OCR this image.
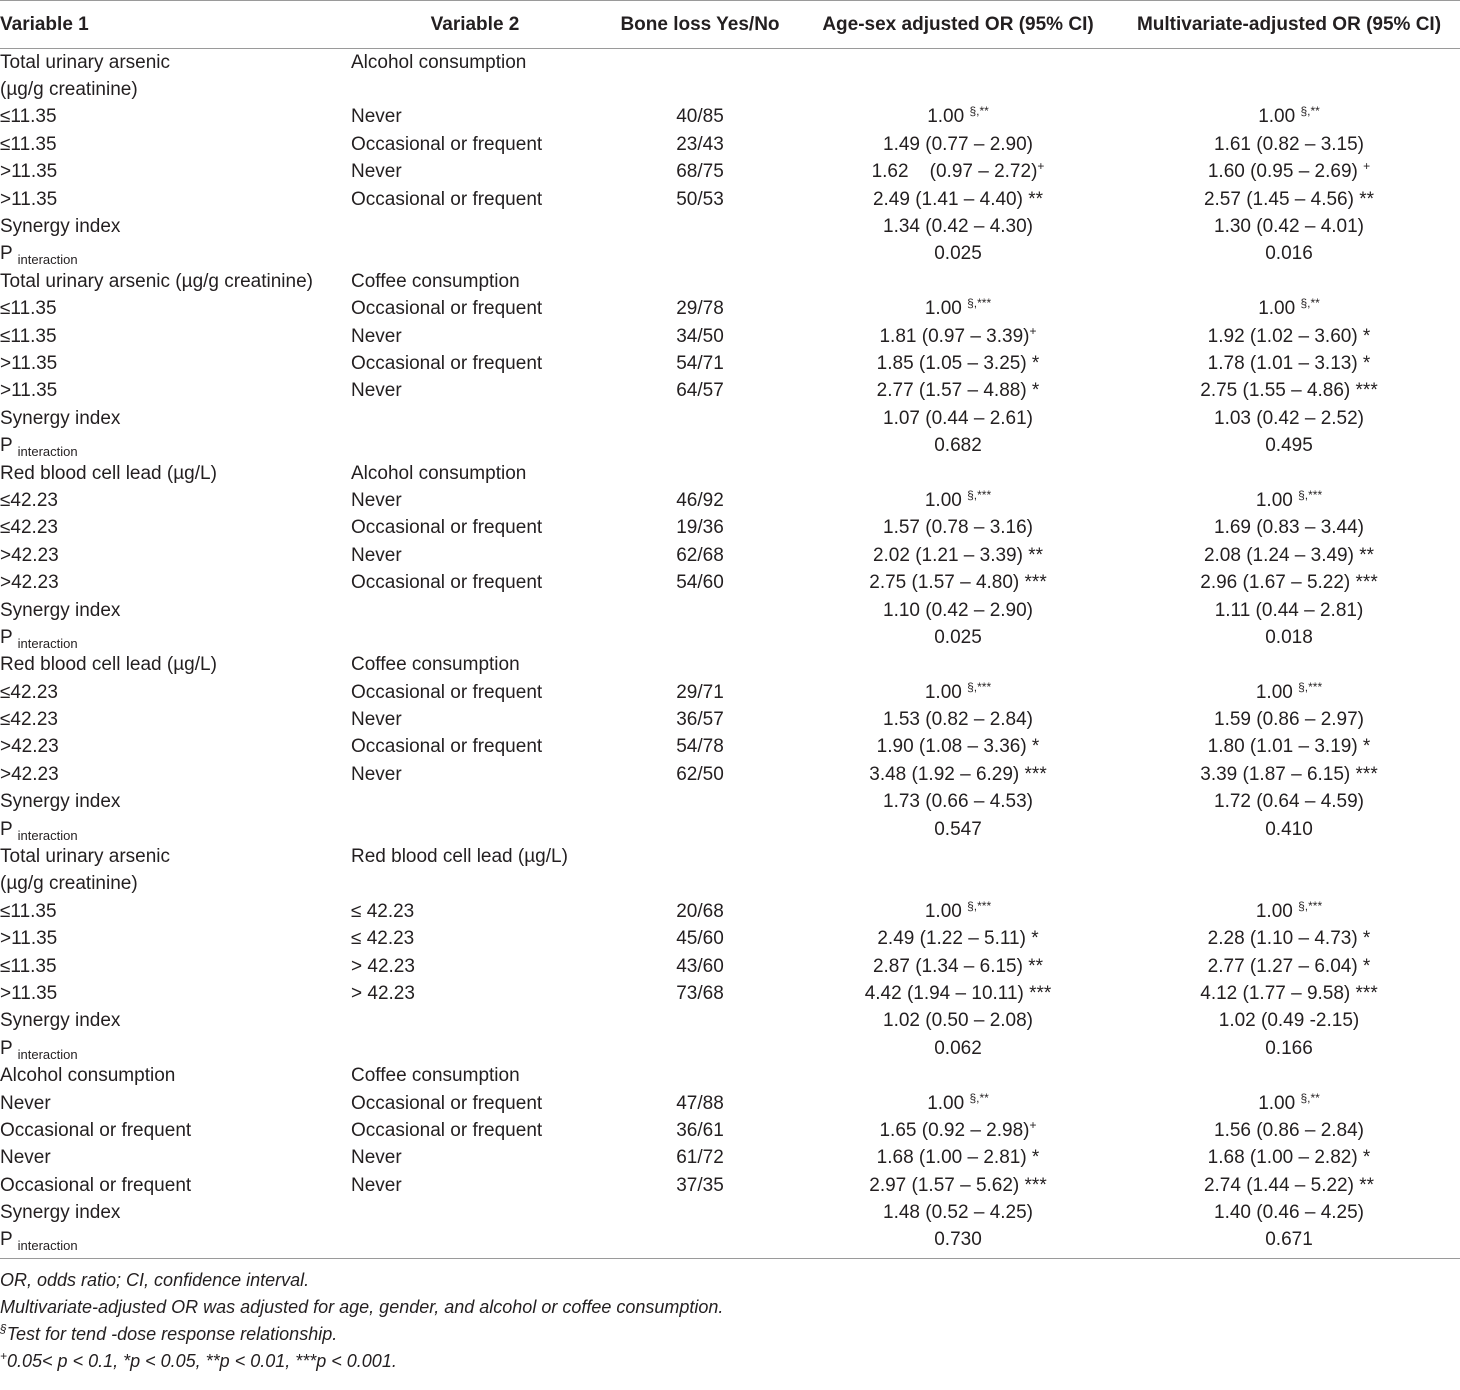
Variable 1	Variable 2	Bone loss Yes/No	Age-sex adjusted OR (95% CI)	Multivariate-adjusted OR (95% CI)
Total urinary arsenic	Alcohol consumption			
(µg/g creatinine)				
≤11.35	Never	40/85	1.00 §,**	1.00 §,**
≤11.35	Occasional or frequent	23/43	1.49 (0.77 – 2.90)	1.61 (0.82 – 3.15)
>11.35	Never	68/75	1.62    (0.97 – 2.72)+	1.60 (0.95 – 2.69) +
>11.35	Occasional or frequent	50/53	2.49 (1.41 – 4.40) **	2.57 (1.45 – 4.56) **
Synergy index			1.34 (0.42 – 4.30)	1.30 (0.42 – 4.01)
P $_{interaction}$			0.025	0.016
Total urinary arsenic (µg/g creatinine)	Coffee consumption			
≤11.35	Occasional or frequent	29/78	1.00 §,***	1.00 §,**
≤11.35	Never	34/50	1.81 (0.97 – 3.39)+	1.92 (1.02 – 3.60) *
>11.35	Occasional or frequent	54/71	1.85 (1.05 – 3.25) *	1.78 (1.01 – 3.13) *
>11.35	Never	64/57	2.77 (1.57 – 4.88) *	2.75 (1.55 – 4.86) ***
Synergy index			1.07 (0.44 – 2.61)	1.03 (0.42 – 2.52)
P $_{interaction}$			0.682	0.495
Red blood cell lead (µg/L)	Alcohol consumption			
≤42.23	Never	46/92	1.00 §,***	1.00 §,***
≤42.23	Occasional or frequent	19/36	1.57 (0.78 – 3.16)	1.69 (0.83 – 3.44)
>42.23	Never	62/68	2.02 (1.21 – 3.39) **	2.08 (1.24 – 3.49) **
>42.23	Occasional or frequent	54/60	2.75 (1.57 – 4.80) ***	2.96 (1.67 – 5.22) ***
Synergy index			1.10 (0.42 – 2.90)	1.11 (0.44 – 2.81)
P $_{interaction}$			0.025	0.018
Red blood cell lead (µg/L)	Coffee consumption			
≤42.23	Occasional or frequent	29/71	1.00 §,***	1.00 §,***
≤42.23	Never	36/57	1.53 (0.82 – 2.84)	1.59 (0.86 – 2.97)
>42.23	Occasional or frequent	54/78	1.90 (1.08 – 3.36) *	1.80 (1.01 – 3.19) *
>42.23	Never	62/50	3.48 (1.92 – 6.29) ***	3.39 (1.87 – 6.15) ***
Synergy index			1.73 (0.66 – 4.53)	1.72 (0.64 – 4.59)
P $_{interaction}$			0.547	0.410
Total urinary arsenic	Red blood cell lead (µg/L)			
(µg/g creatinine)				
≤11.35	≤ 42.23	20/68	1.00 §,***	1.00 §,***
>11.35	≤ 42.23	45/60	2.49 (1.22 – 5.11) *	2.28 (1.10 – 4.73) *
≤11.35	> 42.23	43/60	2.87 (1.34 – 6.15) **	2.77 (1.27 – 6.04) *
>11.35	> 42.23	73/68	4.42 (1.94 – 10.11) ***	4.12 (1.77 – 9.58) ***
Synergy index			1.02 (0.50 – 2.08)	1.02 (0.49 -2.15)
P $_{interaction}$			0.062	0.166
Alcohol consumption	Coffee consumption			
Never	Occasional or frequent	47/88	1.00 §,**	1.00 §,**
Occasional or frequent	Occasional or frequent	36/61	1.65 (0.92 – 2.98)+	1.56 (0.86 – 2.84)
Never	Never	61/72	1.68 (1.00 – 2.81) *	1.68 (1.00 – 2.82) *
Occasional or frequent	Never	37/35	2.97 (1.57 – 5.62) ***	2.74 (1.44 – 5.22) **
Synergy index			1.48 (0.52 – 4.25)	1.40 (0.46 – 4.25)
P $_{interaction}$			0.730	0.671
OR, odds ratio; CI, confidence interval.
Multivariate-adjusted OR was adjusted for age, gender, and alcohol or coffee consumption.
§Test for tend -dose response relationship.
+0.05< p < 0.1, *p < 0.05, **p < 0.01, ***p < 0.001.
